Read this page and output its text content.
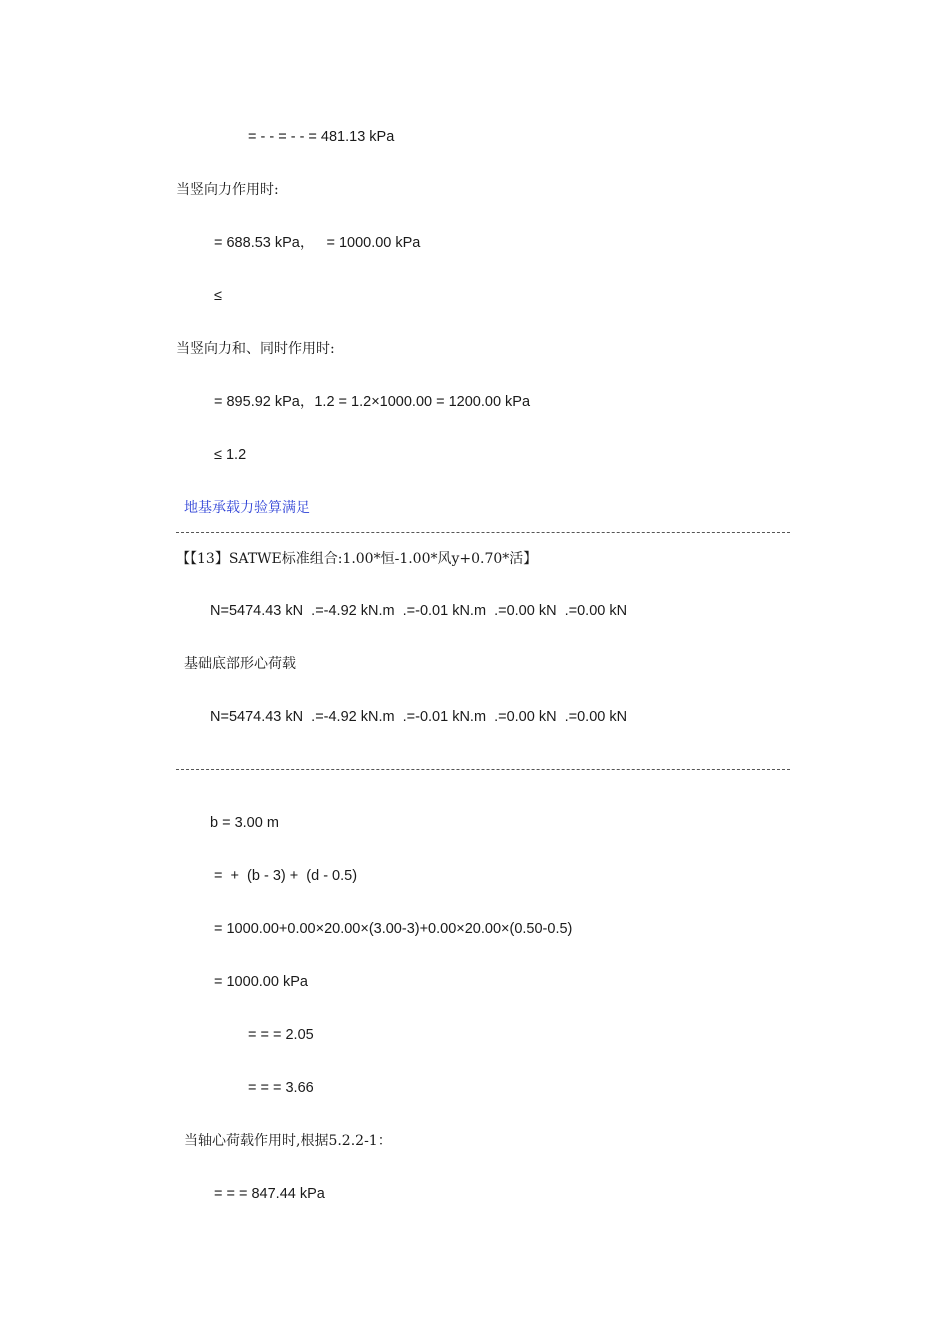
= - - = - - = 481.13 kPa
当竖向力作用时:
= 688.53 kPa，   = 1000.00 kPa
≤
当竖向力和、同时作用时:
= 895.92 kPa，1.2 = 1.2×1000.00 = 1200.00 kPa
≤ 1.2
地基承载力验算满足
【【13】SATWE标准组合:1.00*恒-1.00*风y+0.70*活】
N=5474.43 kN  .=-4.92 kN.m  .=-0.01 kN.m  .=0.00 kN  .=0.00 kN
基础底部形心荷载
N=5474.43 kN  .=-4.92 kN.m  .=-0.01 kN.m  .=0.00 kN  .=0.00 kN
b = 3.00 m
=  +  (b - 3) +  (d - 0.5)
= 1000.00+0.00×20.00×(3.00-3)+0.00×20.00×(0.50-0.5)
= 1000.00 kPa
= = = 2.05
= = = 3.66
当轴心荷载作用时,根据5.2.2-1：
= = = 847.44 kPa
